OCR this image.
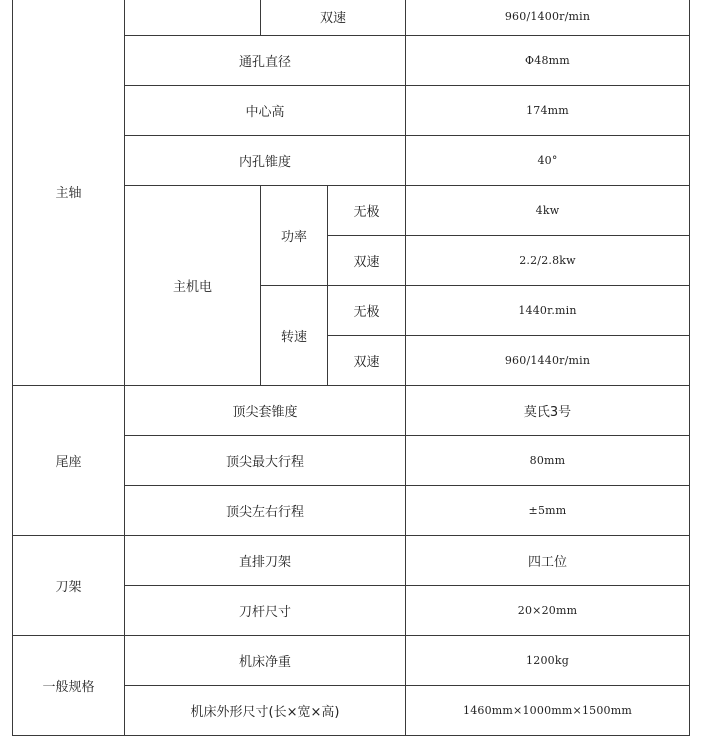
主轴
双速	960/1400r/min
通孔直径	Φ48mm
中心高	174mm
内孔锥度	40°
主机电
功率
无极	4kw
双速	2.2/2.8kw
转速
无极	1440r.min
双速	960/1440r/min
尾座
顶尖套锥度	莫氏3号
顶尖最大行程	80mm
顶尖左右行程	±5mm
刀架
直排刀架	四工位
刀杆尺寸	20×20mm
一般规格
机床净重	1200kg
机床外形尺寸(长×宽×高)	1460mm×1000mm×1500mm
